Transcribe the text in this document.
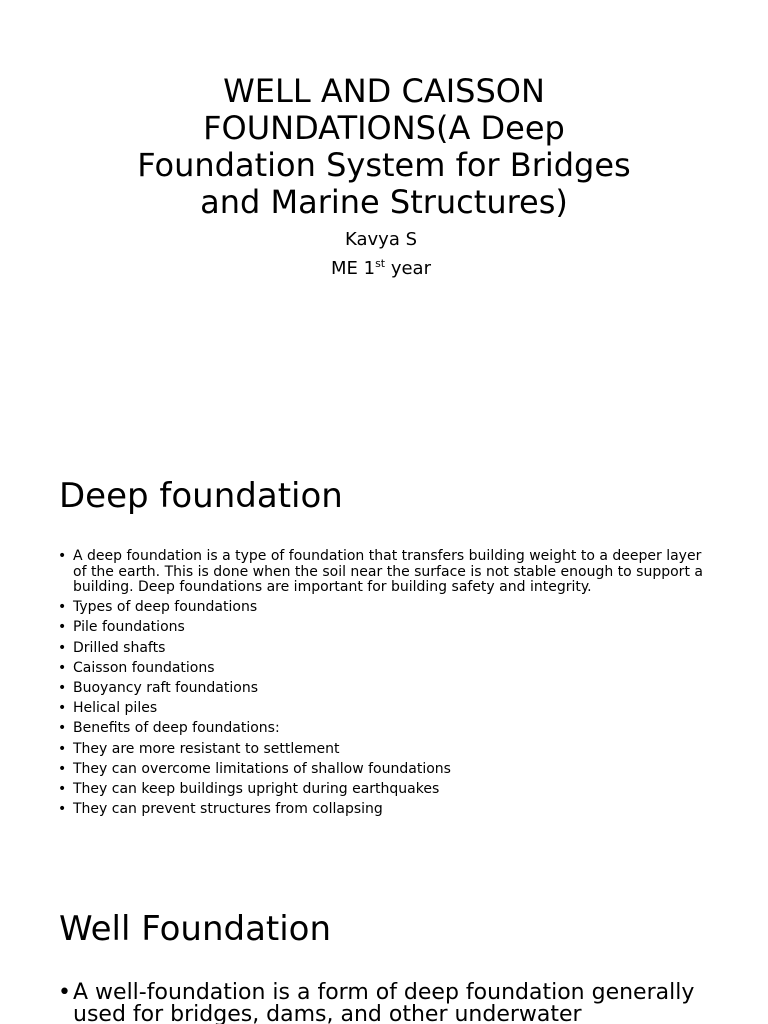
WELL AND CAISSON FOUNDATIONS(A Deep Foundation System for Bridges and Marine Structures)

Kavya S

ME 1st year

Deep foundation
• A deep foundation is a type of foundation that transfers building weight to a deeper layer of the earth. This is done when the soil near the surface is not stable enough to support a building. Deep foundations are important for building safety and integrity.
• Types of deep foundations
• Pile foundations
• Drilled shafts
• Caisson foundations
• Buoyancy raft foundations
• Helical piles
• Benefits of deep foundations:
• They are more resistant to settlement
• They can overcome limitations of shallow foundations
• They can keep buildings upright during earthquakes
• They can prevent structures from collapsing
Well Foundation
• A well-foundation is a form of deep foundation generally used for bridges, dams, and other underwater
